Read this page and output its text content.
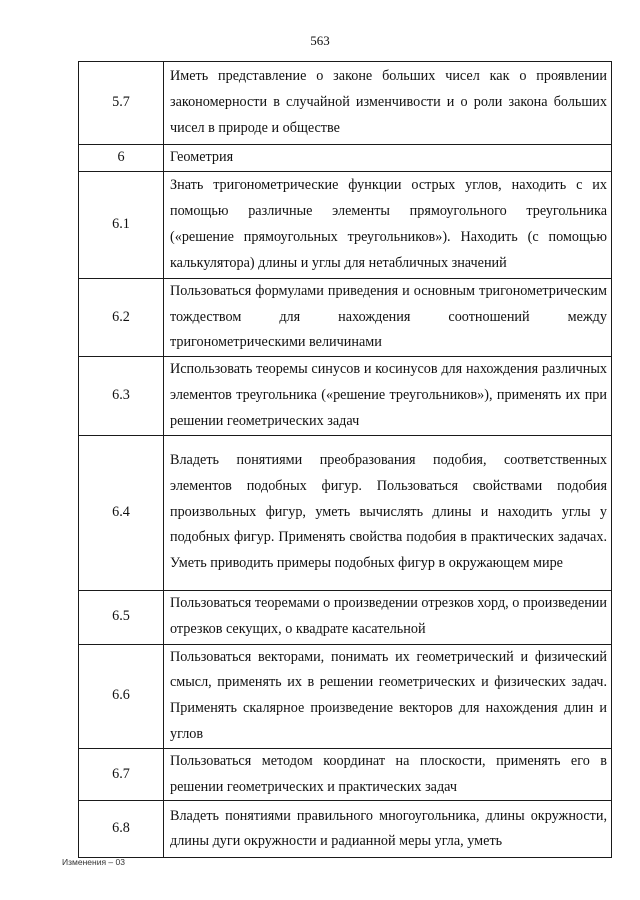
563
5.7	Иметь представление о законе больших чисел как о проявлении закономерности в случайной изменчивости и о роли закона больших чисел в природе и обществе
6	Геометрия
6.1	Знать тригонометрические функции острых углов, находить с их помощью различные элементы прямоугольного треугольника («решение прямоугольных треугольников»). Находить (с помощью калькулятора) длины и углы для нетабличных значений
6.2	Пользоваться формулами приведения и основным тригонометрическим тождеством для нахождения соотношений между тригонометрическими величинами
6.3	Использовать теоремы синусов и косинусов для нахождения различных элементов треугольника («решение треугольников»), применять их при решении геометрических задач
6.4	Владеть понятиями преобразования подобия, соответственных элементов подобных фигур. Пользоваться свойствами подобия произвольных фигур, уметь вычислять длины и находить углы у подобных фигур. Применять свойства подобия в практических задачах. Уметь приводить примеры подобных фигур в окружающем мире
6.5	Пользоваться теоремами о произведении отрезков хорд, о произведении отрезков секущих, о квадрате касательной
6.6	Пользоваться векторами, понимать их геометрический и физический смысл, применять их в решении геометрических и физических задач. Применять скалярное произведение векторов для нахождения длин и углов
6.7	Пользоваться методом координат на плоскости, применять его в решении геометрических и практических задач
6.8	Владеть понятиями правильного многоугольника, длины окружности, длины дуги окружности и радианной меры угла, уметь
Изменения – 03
